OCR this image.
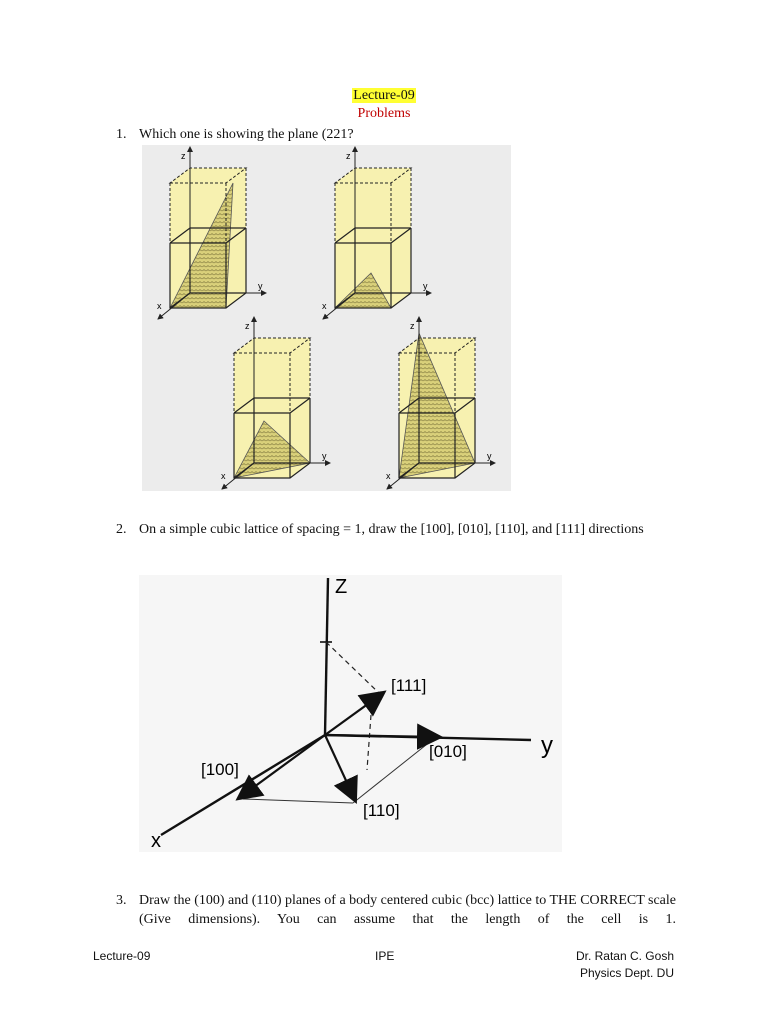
Lecture-09
Problems
1. Which one is showing the plane (221?
z
x
y
z
x
y
z
x
y
z
x
y
2. On a simple cubic lattice of spacing = 1, draw the [100], [010], [110], and [111] directions
Z
y
x
[111]
[010]
[100]
[110]
3. Draw the (100) and (110) planes of a body centered cubic (bcc) lattice to THE CORRECT scale (Give dimensions). You can assume that the length of the cell is 1.
Lecture-09	IPE	Dr. Ratan C. Gosh
Physics Dept. DU
